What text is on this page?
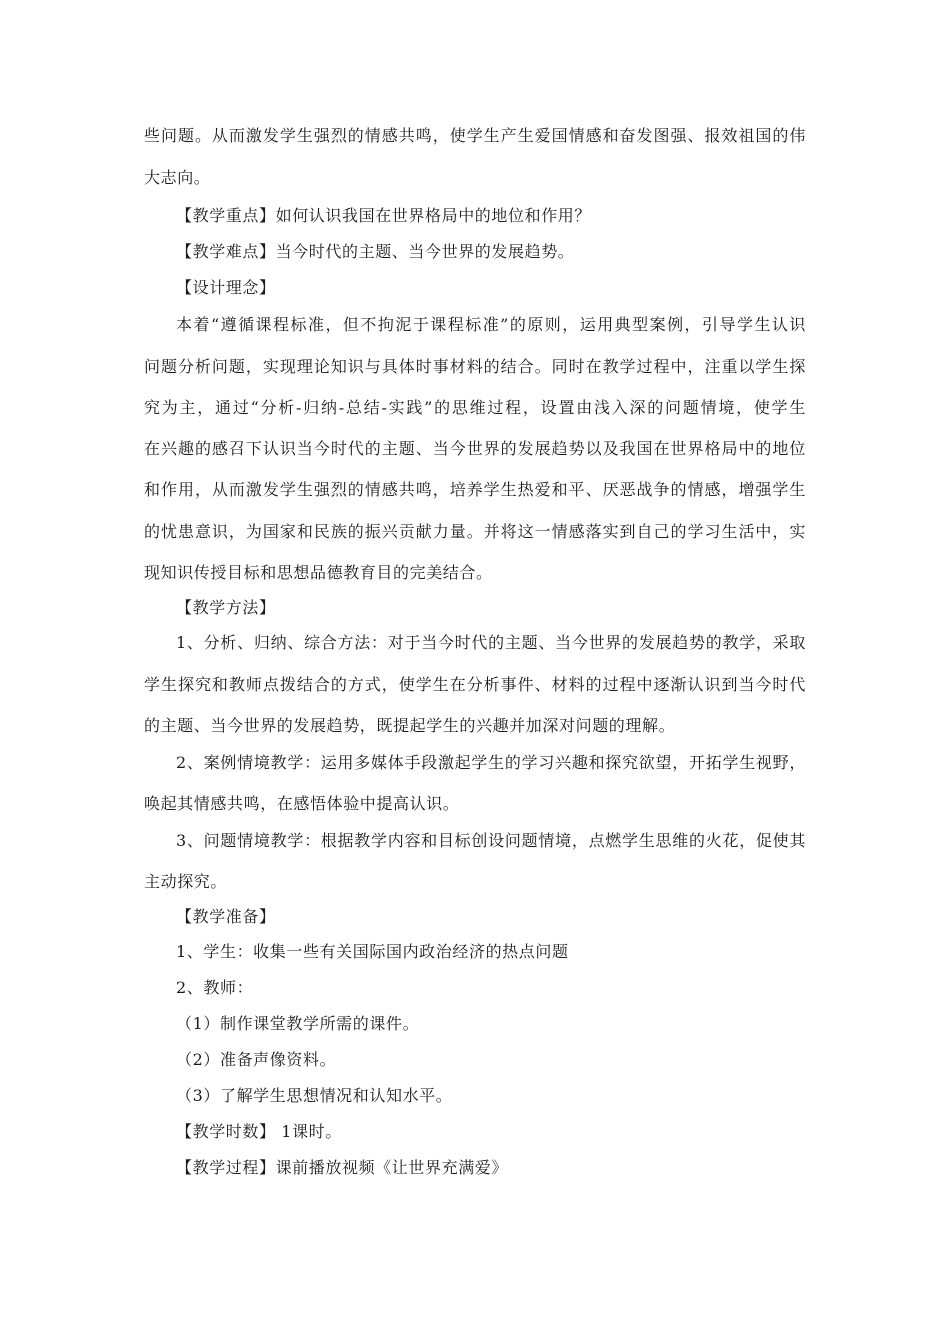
些问题。从而激发学生强烈的情感共鸣，使学生产生爱国情感和奋发图强、报效祖国的伟
大志向。
【教学重点】如何认识我国在世界格局中的地位和作用？
【教学难点】当今时代的主题、当今世界的发展趋势。
【设计理念】
本着“遵循课程标准，但不拘泥于课程标准”的原则，运用典型案例，引导学生认识
问题分析问题，实现理论知识与具体时事材料的结合。同时在教学过程中，注重以学生探
究为主，通过“分析-归纳-总结-实践”的思维过程，设置由浅入深的问题情境，使学生
在兴趣的感召下认识当今时代的主题、当今世界的发展趋势以及我国在世界格局中的地位
和作用，从而激发学生强烈的情感共鸣，培养学生热爱和平、厌恶战争的情感，增强学生
的忧患意识，为国家和民族的振兴贡献力量。并将这一情感落实到自己的学习生活中，实
现知识传授目标和思想品德教育目的完美结合。
【教学方法】
1、分析、归纳、综合方法：对于当今时代的主题、当今世界的发展趋势的教学，采取
学生探究和教师点拨结合的方式，使学生在分析事件、材料的过程中逐渐认识到当今时代
的主题、当今世界的发展趋势，既提起学生的兴趣并加深对问题的理解。
2、案例情境教学：运用多媒体手段激起学生的学习兴趣和探究欲望，开拓学生视野，
唤起其情感共鸣，在感悟体验中提高认识。
3、问题情境教学：根据教学内容和目标创设问题情境，点燃学生思维的火花，促使其
主动探究。
【教学准备】
1、学生：收集一些有关国际国内政治经济的热点问题
2、教师：
（1）制作课堂教学所需的课件。
（2）准备声像资料。
（3）了解学生思想情况和认知水平。
【教学时数】 1课时。
【教学过程】课前播放视频《让世界充满爱》
